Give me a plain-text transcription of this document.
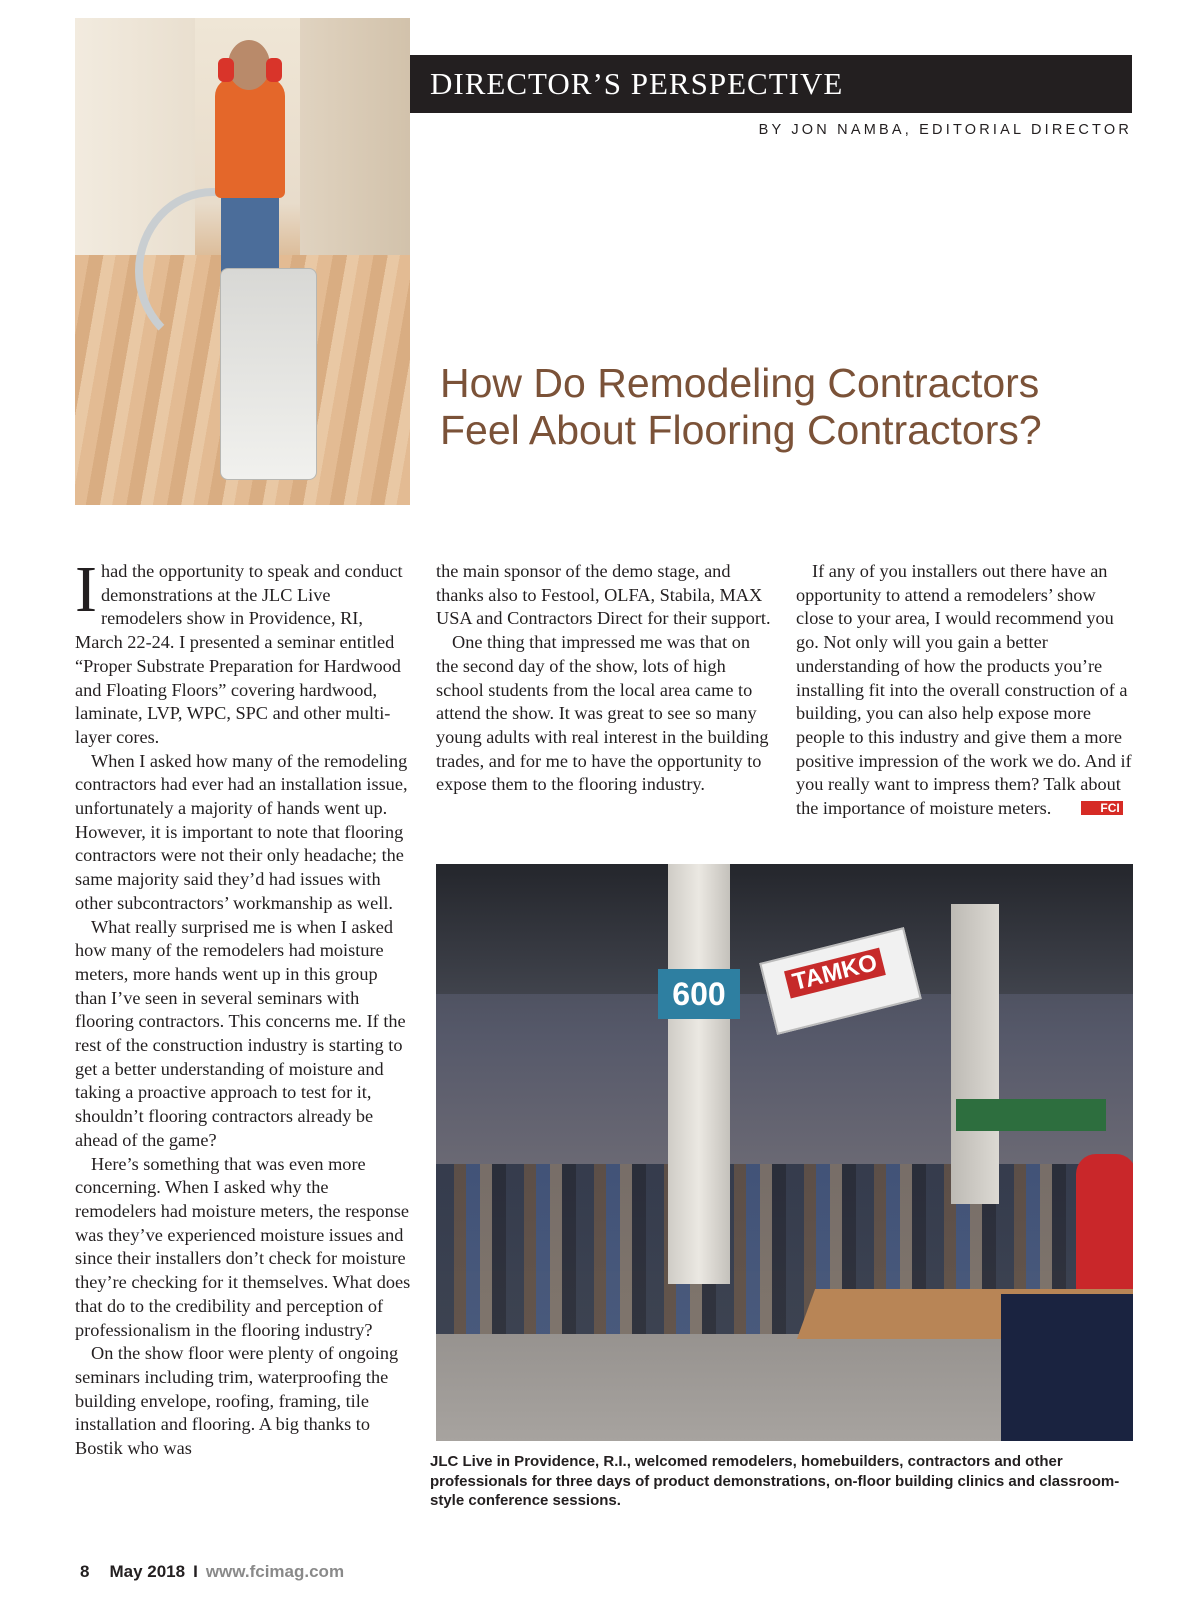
DIRECTOR’S PERSPECTIVE
BY JON NAMBA, EDITORIAL DIRECTOR
How Do Remodeling Contractors
Feel About Flooring Contractors?

Ihad the opportunity to speak and conduct demonstrations at the JLC Live remodelers show in Providence, RI, March 22-24. I presented a seminar entitled “Proper Substrate Preparation for Hardwood and Floating Floors” covering hardwood, laminate, LVP, WPC, SPC and other multi-layer cores.

When I asked how many of the remodeling contractors had ever had an installation issue, unfortunately a majority of hands went up. However, it is important to note that flooring contractors were not their only headache; the same majority said they’d had issues with other subcontractors’ workmanship as well.

What really surprised me is when I asked how many of the remodelers had moisture meters, more hands went up in this group than I’ve seen in several seminars with flooring contractors. This concerns me. If the rest of the construction industry is starting to get a better understanding of moisture and taking a proactive approach to test for it, shouldn’t flooring contractors already be ahead of the game?

Here’s something that was even more concerning. When I asked why the remodelers had moisture meters, the response was they’ve experienced moisture issues and since their installers don’t check for moisture they’re checking for it themselves. What does that do to the credibility and perception of professionalism in the flooring industry?

On the show floor were plenty of ongoing seminars including trim, waterproofing the building envelope, roofing, framing, tile installation and flooring. A big thanks to Bostik who was

the main sponsor of the demo stage, and thanks also to Festool, OLFA, Stabila, MAX USA and Contractors Direct for their support.

One thing that impressed me was that on the second day of the show, lots of high school students from the local area came to attend the show. It was great to see so many young adults with real interest in the building trades, and for me to have the opportunity to expose them to the flooring industry.

If any of you installers out there have an opportunity to attend a remodelers’ show close to your area, I would recommend you go. Not only will you gain a better understanding of how the products you’re installing fit into the overall construction of a building, you can also help expose more people to this industry and give them a more positive impression of the work we do. And if you really want to impress them? Talk about the importance of moisture meters.	FCI

600	TAMKO
JLC Live in Providence, R.I., welcomed remodelers, homebuilders, contractors and other professionals for three days of product demonstrations, on-floor building clinics and classroom-style conference sessions.
8 May 2018 I www.fcimag.com
